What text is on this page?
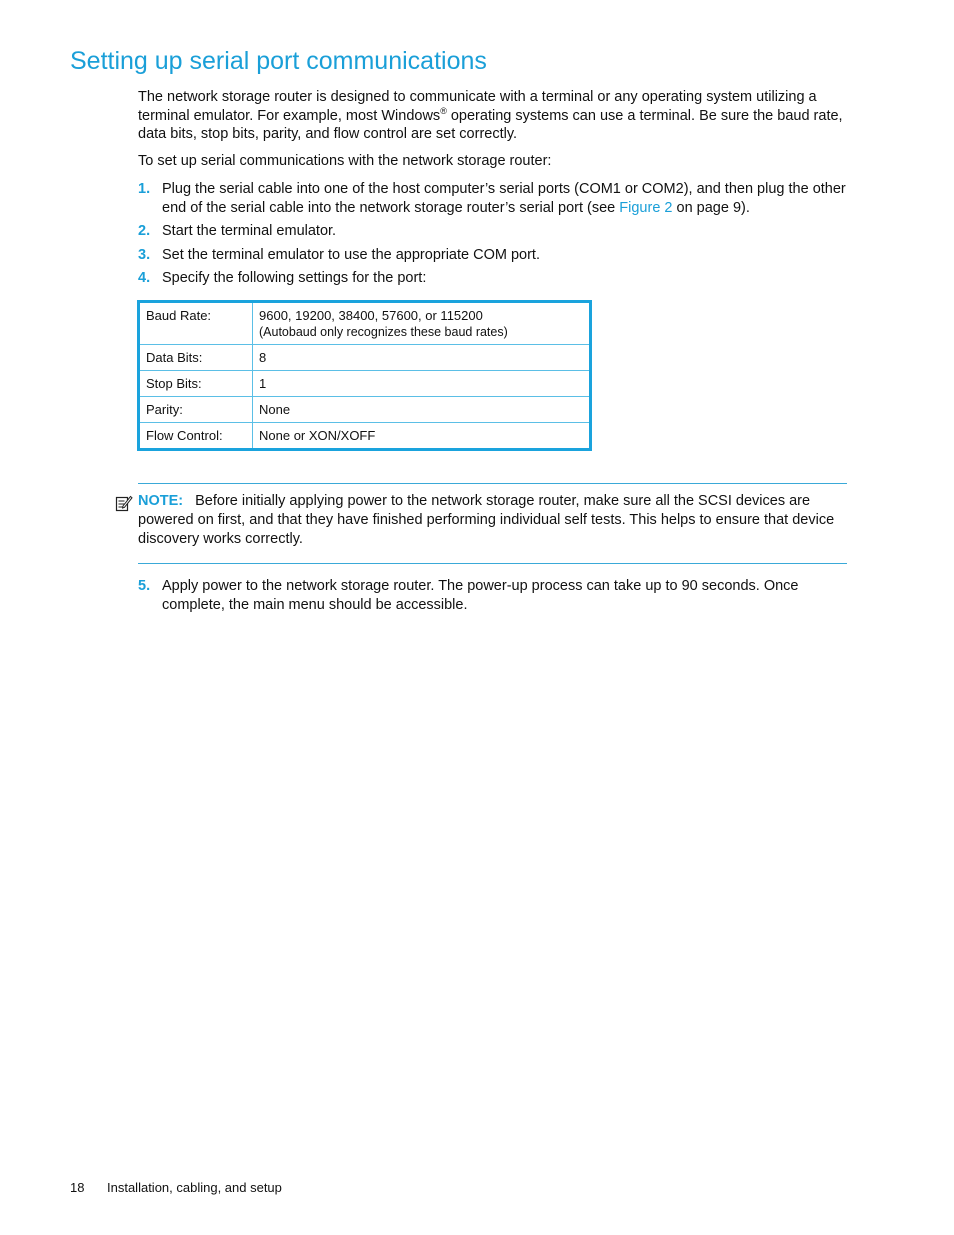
Setting up serial port communications

The network storage router is designed to communicate with a terminal or any operating system utilizing a terminal emulator. For example, most Windows® operating systems can use a terminal. Be sure the baud rate, data bits, stop bits, parity, and flow control are set correctly.

To set up serial communications with the network storage router:

1. Plug the serial cable into one of the host computer’s serial ports (COM1 or COM2), and then plug the other end of the serial cable into the network storage router’s serial port (see Figure 2 on page 9).
2. Start the terminal emulator.
3. Set the terminal emulator to use the appropriate COM port.
4. Specify the following settings for the port:
Baud Rate:	9600, 19200, 38400, 57600, or 115200
(Autobaud only recognizes these baud rates)

Data Bits:	8
Stop Bits:	1
Parity:	None
Flow Control:	None or XON/XOFF

NOTE: Before initially applying power to the network storage router, make sure all the SCSI devices are powered on first, and that they have finished performing individual self tests. This helps to ensure that device discovery works correctly.

5. Apply power to the network storage router. The power-up process can take up to 90 seconds. Once complete, the main menu should be accessible.
18 Installation, cabling, and setup
